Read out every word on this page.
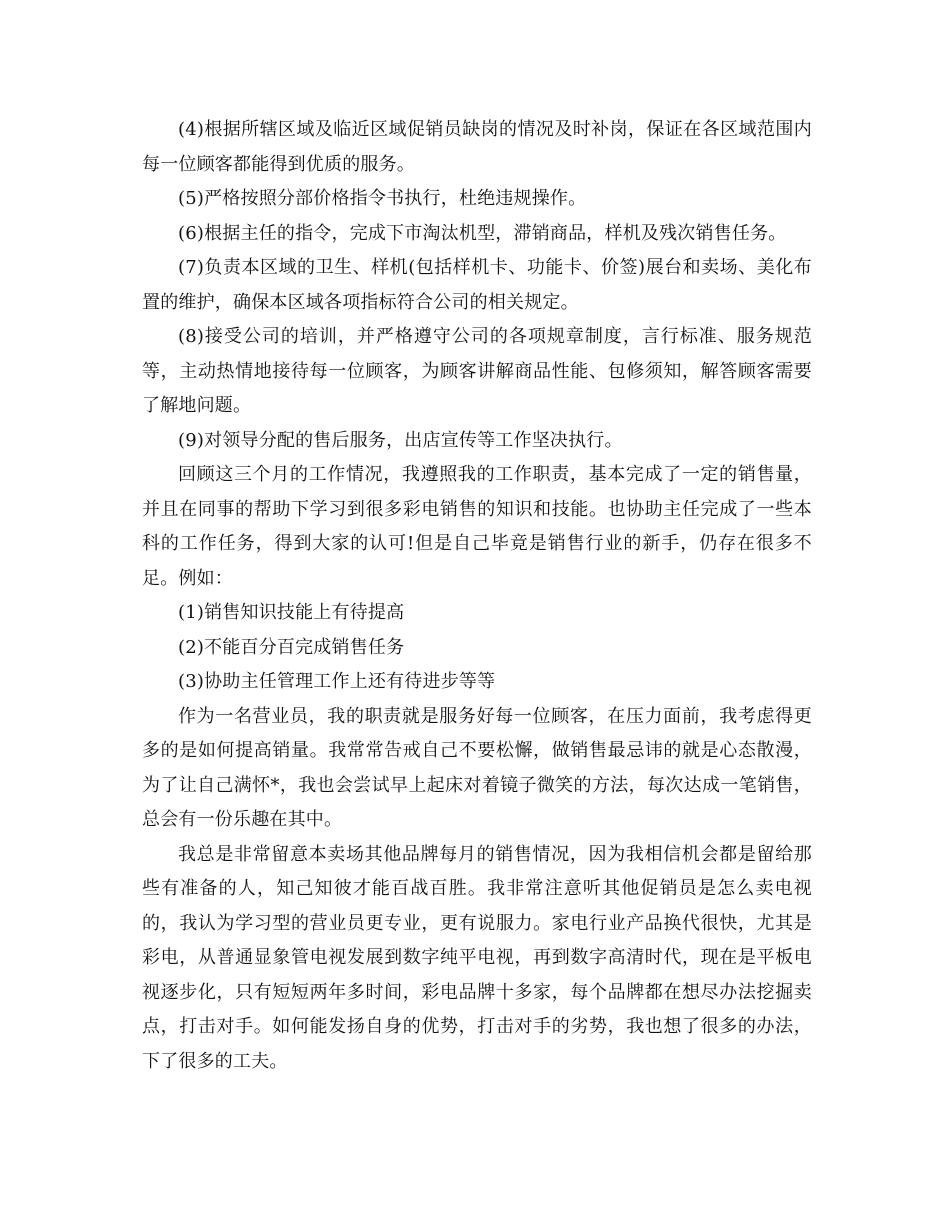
(4)根据所辖区域及临近区域促销员缺岗的情况及时补岗，保证在各区域范围内每一位顾客都能得到优质的服务。

(5)严格按照分部价格指令书执行，杜绝违规操作。

(6)根据主任的指令，完成下市淘汰机型，滞销商品，样机及残次销售任务。

(7)负责本区域的卫生、样机(包括样机卡、功能卡、价签)展台和卖场、美化布置的维护，确保本区域各项指标符合公司的相关规定。

(8)接受公司的培训，并严格遵守公司的各项规章制度，言行标准、服务规范等，主动热情地接待每一位顾客，为顾客讲解商品性能、包修须知，解答顾客需要了解地问题。

(9)对领导分配的售后服务，出店宣传等工作坚决执行。

回顾这三个月的工作情况，我遵照我的工作职责，基本完成了一定的销售量，并且在同事的帮助下学习到很多彩电销售的知识和技能。也协助主任完成了一些本科的工作任务，得到大家的认可!但是自己毕竟是销售行业的新手，仍存在很多不足。例如：

(1)销售知识技能上有待提高

(2)不能百分百完成销售任务

(3)协助主任管理工作上还有待进步等等

作为一名营业员，我的职责就是服务好每一位顾客，在压力面前，我考虑得更多的是如何提高销量。我常常告戒自己不要松懈，做销售最忌讳的就是心态散漫，为了让自己满怀*，我也会尝试早上起床对着镜子微笑的方法，每次达成一笔销售，总会有一份乐趣在其中。

我总是非常留意本卖场其他品牌每月的销售情况，因为我相信机会都是留给那些有准备的人，知己知彼才能百战百胜。我非常注意听其他促销员是怎么卖电视的，我认为学习型的营业员更专业，更有说服力。家电行业产品换代很快，尤其是彩电，从普通显象管电视发展到数字纯平电视，再到数字高清时代，现在是平板电视逐步化，只有短短两年多时间，彩电品牌十多家，每个品牌都在想尽办法挖掘卖点，打击对手。如何能发扬自身的优势，打击对手的劣势，我也想了很多的办法，下了很多的工夫。
